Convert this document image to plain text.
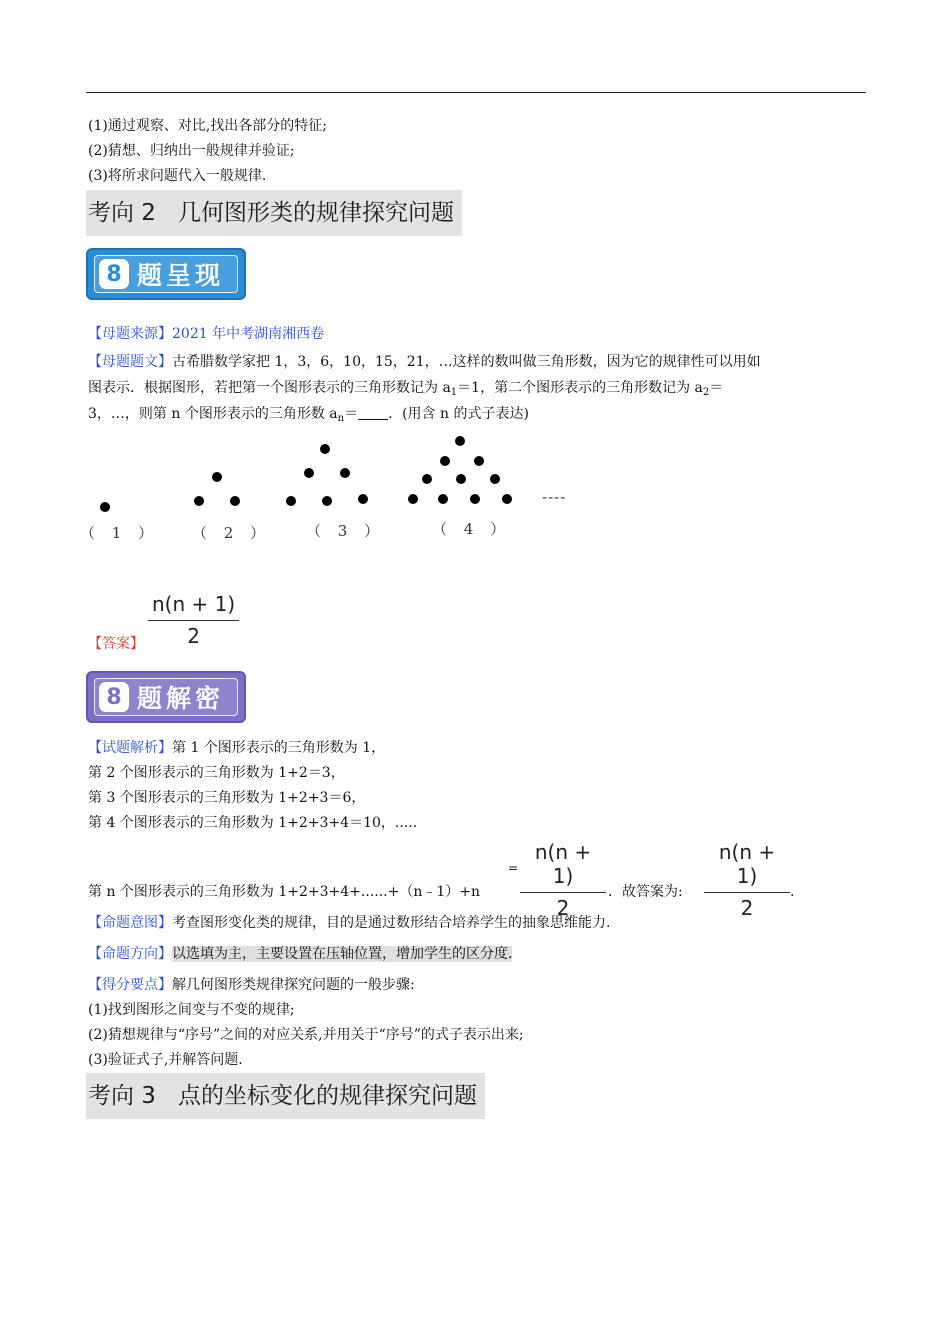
(1)通过观察、对比,找出各部分的特征;
(2)猜想、归纳出一般规律并验证;
(3)将所求问题代入一般规律.
考向 2 几何图形类的规律探究问题
8 题呈现
【母题来源】2021 年中考湖南湘西卷
【母题题文】古希腊数学家把 1，3，6，10，15，21，…这样的数叫做三角形数，因为它的规律性可以用如
图表示．根据图形，若把第一个图形表示的三角形数记为 $a_1=1$，第二个图形表示的三角形数记为 $a_2=$
3，…，则第 n 个图形表示的三角形数 $a_n=$ ．(用含 n 的式子表达)
（ 1 ） （ 2 ） （ 3 ）	（ 4 ）
----
$\frac{n(n + 1)}{2}$
【答案】
8 题解密
【试题解析】第 1 个图形表示的三角形数为 1，
第 2 个图形表示的三角形数为 1+2＝3，
第 3 个图形表示的三角形数为 1+2+3＝6，
第 4 个图形表示的三角形数为 1+2+3+4＝10，.....
= $\frac{n(n + 1)}{2}$	$\frac{n(n + 1)}{2}$
第 n 个图形表示的三角形数为 1+2+3+4+......+（n﹣1）+n	．故答案为:	.
【命题意图】考查图形变化类的规律，目的是通过数形结合培养学生的抽象思维能力.
【命题方向】以选填为主，主要设置在压轴位置，增加学生的区分度.
【得分要点】解几何图形类规律探究问题的一般步骤:
(1)找到图形之间变与不变的规律;
(2)猜想规律与“序号”之间的对应关系,并用关于“序号”的式子表示出来;
(3)验证式子,并解答问题.
考向 3 点的坐标变化的规律探究问题
